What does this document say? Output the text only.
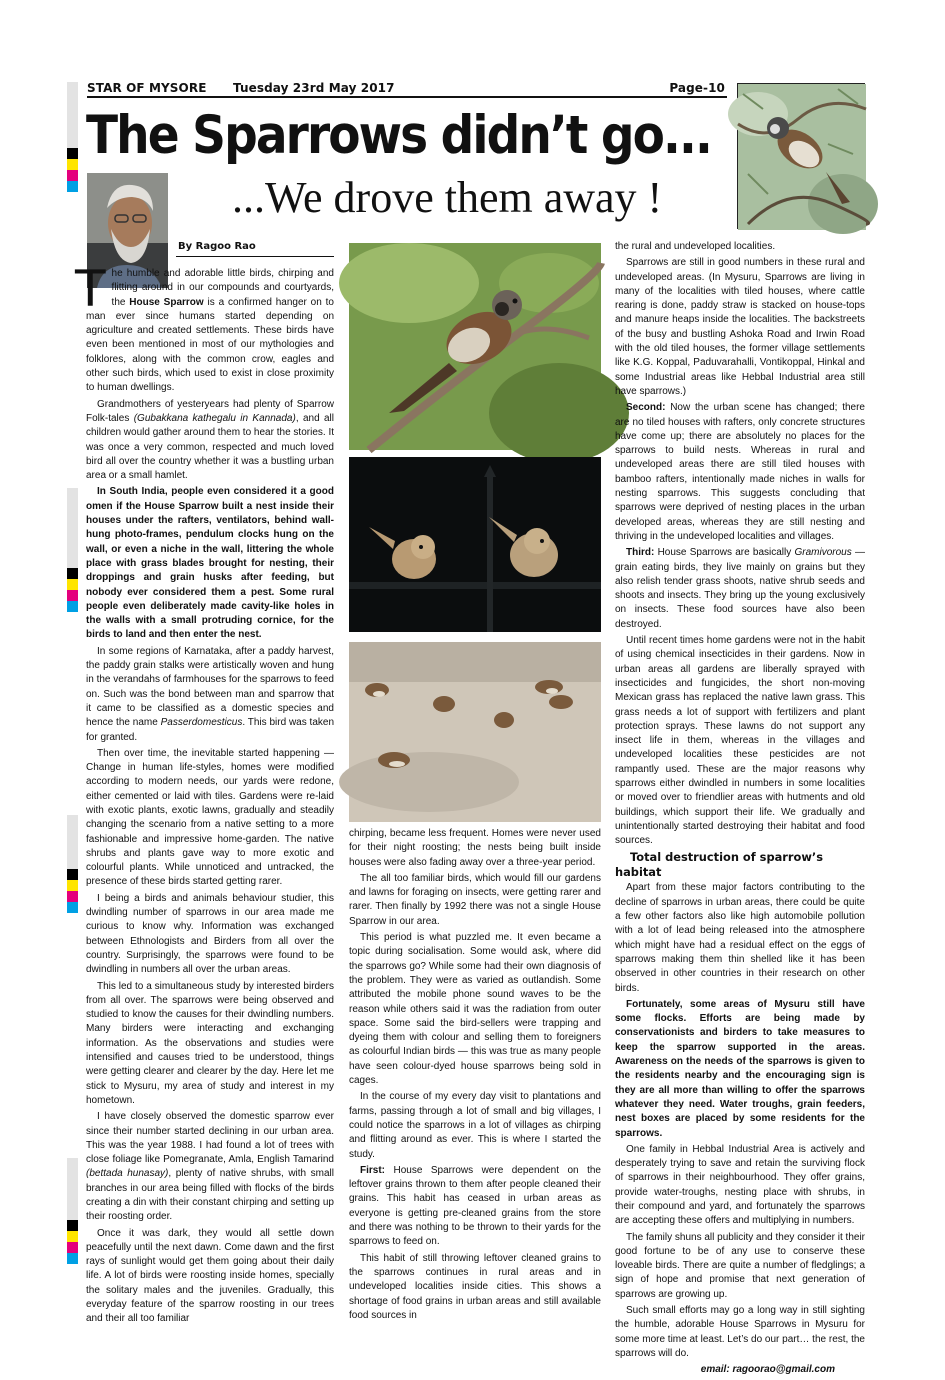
STAR OF MYSORE Tuesday 23rd May 2017	Page-10
The Sparrows didn’t go...
...We drove them away !
By Ragoo Rao

The humble and adorable little birds, chirping and flitting around in our compounds and courtyards, the House Sparrow is a confirmed hanger on to man ever since humans started depending on agriculture and created settlements. These birds have even been mentioned in most of our mythologies and folklores, along with the common crow, eagles and other such birds, which used to exist in close proximity to human dwellings.

Grandmothers of yesteryears had plenty of Sparrow Folk-tales (Gubakkana kathegalu in Kannada), and all children would gather around them to hear the stories. It was once a very common, respected and much loved bird all over the country whether it was a bustling urban area or a small hamlet.

In South India, people even considered it a good omen if the House Sparrow built a nest inside their houses under the rafters, ventilators, behind wall-hung photo-frames, pendulum clocks hung on the wall, or even a niche in the wall, littering the whole place with grass blades brought for nesting, their droppings and grain husks after feeding, but nobody ever considered them a pest. Some rural people even deliberately made cavity-like holes in the walls with a small protruding cornice, for the birds to land and then enter the nest.

In some regions of Karnataka, after a paddy harvest, the paddy grain stalks were artistically woven and hung in the verandahs of farmhouses for the sparrows to feed on. Such was the bond between man and sparrow that it came to be classified as a domestic species and hence the name Passerdomesticus. This bird was taken for granted.

Then over time, the inevitable started happening — Change in human life-styles, homes were modified according to modern needs, our yards were redone, either cemented or laid with tiles. Gardens were re-laid with exotic plants, exotic lawns, gradually and steadily changing the scenario from a native setting to a more fashionable and impressive home-garden. The native shrubs and plants gave way to more exotic and colourful plants. While unnoticed and untracked, the presence of these birds started getting rarer.

I being a birds and animals behaviour studier, this dwindling number of sparrows in our area made me curious to know why. Information was exchanged between Ethnologists and Birders from all over the country. Surprisingly, the sparrows were found to be dwindling in numbers all over the urban areas.

This led to a simultaneous study by interested birders from all over. The sparrows were being observed and studied to know the causes for their dwindling numbers. Many birders were interacting and exchanging information. As the observations and studies were intensified and causes tried to be understood, things were getting clearer and clearer by the day. Here let me stick to Mysuru, my area of study and interest in my hometown.

I have closely observed the domestic sparrow ever since their number started declining in our urban area. This was the year 1988. I had found a lot of trees with close foliage like Pomegranate, Amla, English Tamarind (bettada hunasay), plenty of native shrubs, with small branches in our area being filled with flocks of the birds creating a din with their constant chirping and setting up their roosting order.

Once it was dark, they would all settle down peacefully until the next dawn. Come dawn and the first rays of sunlight would get them going about their daily life. A lot of birds were roosting inside homes, specially the solitary males and the juveniles. Gradually, this everyday feature of the sparrow roosting in our trees and their all too familiar

chirping, became less frequent. Homes were never used for their night roosting; the nests being built inside houses were also fading away over a three-year period.

The all too familiar birds, which would fill our gardens and lawns for foraging on insects, were getting rarer and rarer. Then finally by 1992 there was not a single House Sparrow in our area.

This period is what puzzled me. It even became a topic during socialisation. Some would ask, where did the sparrows go? While some had their own diagnosis of the problem. They were as varied as outlandish. Some attributed the mobile phone sound waves to be the reason while others said it was the radiation from outer space. Some said the bird-sellers were trapping and dyeing them with colour and selling them to foreigners as colourful Indian birds — this was true as many people have seen colour-dyed house sparrows being sold in cages.

In the course of my every day visit to plantations and farms, passing through a lot of small and big villages, I could notice the sparrows in a lot of villages as chirping and flitting around as ever. This is where I started the study.

First: House Sparrows were dependent on the leftover grains thrown to them after people cleaned their grains. This habit has ceased in urban areas as everyone is getting pre-cleaned grains from the store and there was nothing to be thrown to their yards for the sparrows to feed on.

This habit of still throwing leftover cleaned grains to the sparrows continues in rural areas and in undeveloped localities inside cities. This shows a shortage of food grains in urban areas and still available food sources in

the rural and undeveloped localities.

Sparrows are still in good numbers in these rural and undeveloped areas. (In Mysuru, Sparrows are living in many of the localities with tiled houses, where cattle rearing is done, paddy straw is stacked on house-tops and manure heaps inside the localities. The backstreets of the busy and bustling Ashoka Road and Irwin Road with the old tiled houses, the former village settlements like K.G. Koppal, Paduvarahalli, Vontikoppal, Hinkal and some Industrial areas like Hebbal Industrial area still have sparrows.)

Second: Now the urban scene has changed; there are no tiled houses with rafters, only concrete structures have come up; there are absolutely no places for the sparrows to build nests. Whereas in rural and undeveloped areas there are still tiled houses with bamboo rafters, intentionally made niches in walls for nesting sparrows. This suggests concluding that sparrows were deprived of nesting places in the urban developed areas, whereas they are still nesting and thriving in the undeveloped localities and villages.

Third: House Sparrows are basically Gramivorous — grain eating birds, they live mainly on grains but they also relish tender grass shoots, native shrub seeds and shoots and insects. They bring up the young exclusively on insects. These food sources have also been destroyed.

Until recent times home gardens were not in the habit of using chemical insecticides in their gardens. Now in urban areas all gardens are liberally sprayed with insecticides and fungicides, the short non-moving Mexican grass has replaced the native lawn grass. This grass needs a lot of support with fertilizers and plant protection sprays. These lawns do not support any insect life in them, whereas in the villages and undeveloped localities these pesticides are not rampantly used. These are the major reasons why sparrows either dwindled in numbers in some localities or moved over to friendlier areas with hutments and old buildings, which support their life. We gradually and unintentionally started destroying their habitat and food sources.

Total destruction of sparrow’s habitat

Apart from these major factors contributing to the decline of sparrows in urban areas, there could be quite a few other factors also like high automobile pollution with a lot of lead being released into the atmosphere which might have had a residual effect on the eggs of sparrows making them thin shelled like it has been observed in other countries in their research on other birds.

Fortunately, some areas of Mysuru still have some flocks. Efforts are being made by conservationists and birders to take measures to keep the sparrow supported in the areas. Awareness on the needs of the sparrows is given to the residents nearby and the encouraging sign is they are all more than willing to offer the sparrows whatever they need. Water troughs, grain feeders, nest boxes are placed by some residents for the sparrows.

One family in Hebbal Industrial Area is actively and desperately trying to save and retain the surviving flock of sparrows in their neighbourhood. They offer grains, provide water-troughs, nesting place with shrubs, in their compound and yard, and fortunately the sparrows are accepting these offers and multiplying in numbers.

The family shuns all publicity and they consider it their good fortune to be of any use to conserve these loveable birds. There are quite a number of fledglings; a sign of hope and promise that next generation of sparrows are growing up.

Such small efforts may go a long way in still sighting the humble, adorable House Sparrows in Mysuru for some more time at least. Let’s do our part… the rest, the sparrows will do.

email: ragoorao@gmail.com
